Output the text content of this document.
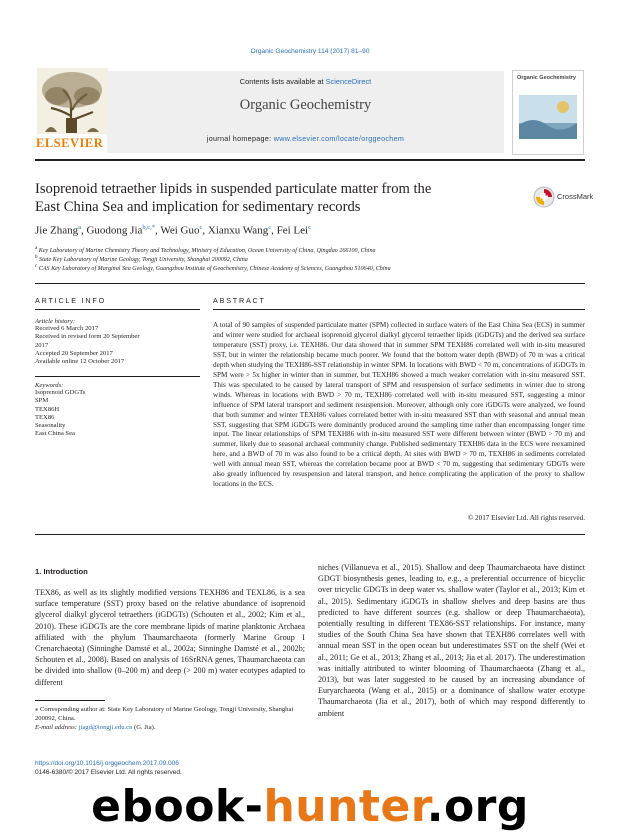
Organic Geochemistry 114 (2017) 81–90
ELSEVIER
Contents lists available at ScienceDirect
Organic Geochemistry
journal homepage: www.elsevier.com/locate/orggeochem
Organic Geochemistry
Isoprenoid tetraether lipids in suspended particulate matter from the
East China Sea and implication for sedimentary records
CrossMark
Jie Zhang$^a$, Guodong Jia$^{b,c,*}$, Wei Guo$^c$, Xianxu Wang$^c$, Fei Lei$^c$
$^a$ Key Laboratory of Marine Chemistry Theory and Technology, Ministry of Education, Ocean University of China, Qingdao 266100, China
$^b$ State Key Laboratory of Marine Geology, Tongji University, Shanghai 200092, China
$^c$ CAS Key Laboratory of Marginal Sea Geology, Guangzhou Institute of Geochemistry, Chinese Academy of Sciences, Guangzhou 510640, China
ARTICLE INFO	ABSTRACT
Article history:
Received 6 March 2017
Received in revised form 20 September
2017
Accepted 20 September 2017
Available online 12 October 2017
Keywords:
Isoprenoid GDGTs
SPM
TEX86H
TEX86
Seasonality
East China Sea
A total of 90 samples of suspended particulate matter (SPM) collected in surface waters of the East China Sea (ECS) in summer and winter were studied for archaeal isoprenoid glycerol dialkyl glycerol tetraether lipids (iGDGTs) and the derived sea surface temperature (SST) proxy, i.e. TEXH86. Our data showed that in summer SPM TEXH86 correlated well with in-situ measured SST, but in winter the relationship became much poorer. We found that the bottom water depth (BWD) of 70 m was a critical depth when studying the TEXH86-SST relationship in winter SPM. In locations with BWD < 70 m, concentrations of iGDGTs in SPM were > 5x higher in winter than in summer, but TEXH86 showed a much weaker correlation with in-situ measured SST. This was speculated to be caused by lateral transport of SPM and resuspension of surface sediments in winter due to strong winds. Whereas in locations with BWD > 70 m, TEXH86 correlated well with in-situ measured SST, suggesting a minor influence of SPM lateral transport and sediment resuspension. Moreover, although only core iGDGTs were analyzed, we found that both summer and winter TEXH86 values correlated better with in-situ measured SST than with seasonal and annual mean SST, suggesting that SPM iGDGTs were dominantly produced around the sampling time rather than encompassing longer time input. The linear relationships of SPM TEXH86 with in-situ measured SST were different between winter (BWD > 70 m) and summer, likely due to seasonal archaeal community change. Published sedimentary TEXH86 data in the ECS were reexamined here, and a BWD of 70 m was also found to be a critical depth. At sites with BWD > 70 m, TEXH86 in sediments correlated well with annual mean SST, whereas the correlation became poor at BWD < 70 m, suggesting that sedimentary GDGTs were also greatly influenced by resuspension and lateral transport, and hence complicating the application of the proxy to shallow locations in the ECS.
© 2017 Elsevier Ltd. All rights reserved.
1. Introduction
TEX86, as well as its slightly modified versions TEXH86 and TEXL86, is a sea surface temperature (SST) proxy based on the relative abundance of isoprenoid glycerol dialkyl glycerol tetraethers (iGDGTs) (Schouten et al., 2002; Kim et al., 2010). These iGDGTs are the core membrane lipids of marine planktonic Archaea affiliated with the phylum Thaumarchaeota (formerly Marine Group I Crenarchaeota) (Sinninghe Damsté et al., 2002a; Sinninghe Damsté et al., 2002b; Schouten et al., 2008). Based on analysis of 16SrRNA genes, Thaumarchaeota can be divided into shallow (0–200 m) and deep (> 200 m) water ecotypes adapted to different
niches (Villanueva et al., 2015). Shallow and deep Thaumarchaeota have distinct GDGT biosynthesis genes, leading to, e.g., a preferential occurrence of bicyclic over tricyclic GDGTs in deep water vs. shallow water (Taylor et al., 2013; Kim et al., 2015). Sedimentary iGDGTs in shallow shelves and deep basins are thus predicted to have different sources (e.g. shallow or deep Thaumarchaeota), potentially resulting in different TEX86-SST relationships. For instance, many studies of the South China Sea have shown that TEXH86 correlates well with annual mean SST in the open ocean but underestimates SST on the shelf (Wei et al., 2011; Ge et al., 2013; Zhang et al., 2013; Jia et al. 2017). The underestimation was initially attributed to winter blooming of Thaumarchaeota (Zhang et al., 2013), but was later suggested to be caused by an increasing abundance of Euryarchaeota (Wang et al., 2015) or a dominance of shallow water ecotype Thaumarchaeota (Jia et al., 2017), both of which may respond differently to ambient
⁎ Corresponding author at: State Key Laboratory of Marine Geology, Tongji University, Shanghai 200092, China.
E-mail address: jiagd@tongji.edu.cn (G. Jia).
https://doi.org/10.1016/j.orggeochem.2017.09.006
0146-6380/© 2017 Elsevier Ltd. All rights reserved.
ebook-hunter.org
